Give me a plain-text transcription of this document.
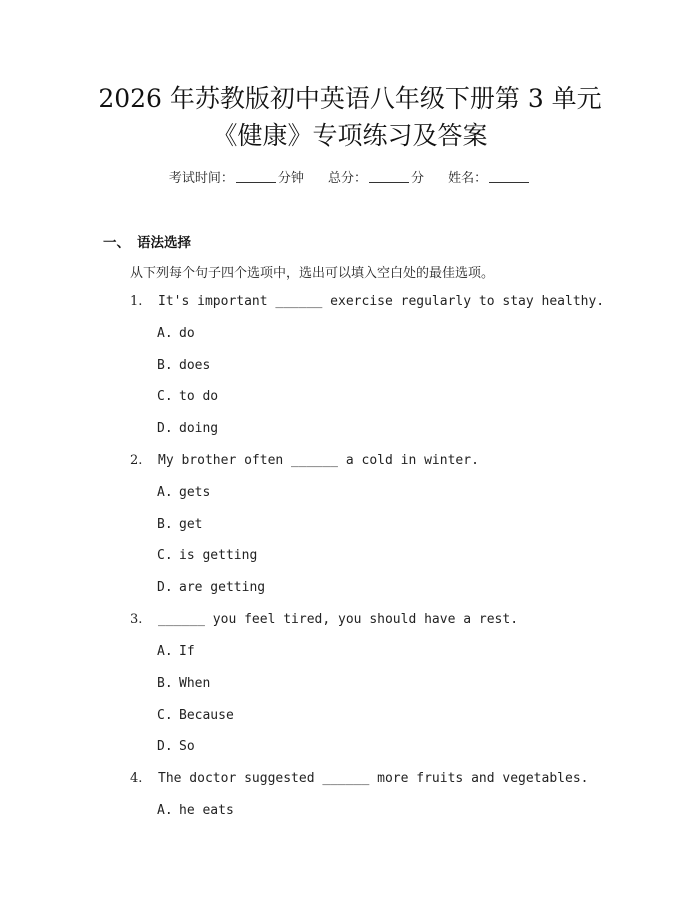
2026 年苏教版初中英语八年级下册第 3 单元
《健康》专项练习及答案
考试时间：	分钟 总分：	分 姓名：
一、 语法选择
从下列每个句子四个选项中，选出可以填入空白处的最佳选项。
1. It's important ______ exercise regularly to stay healthy.
A. do
B. does
C. to do
D. doing
2. My brother often ______ a cold in winter.
A. gets
B. get
C. is getting
D. are getting
3. ______ you feel tired, you should have a rest.
A. If
B. When
C. Because
D. So
4. The doctor suggested ______ more fruits and vegetables.
A. he eats
